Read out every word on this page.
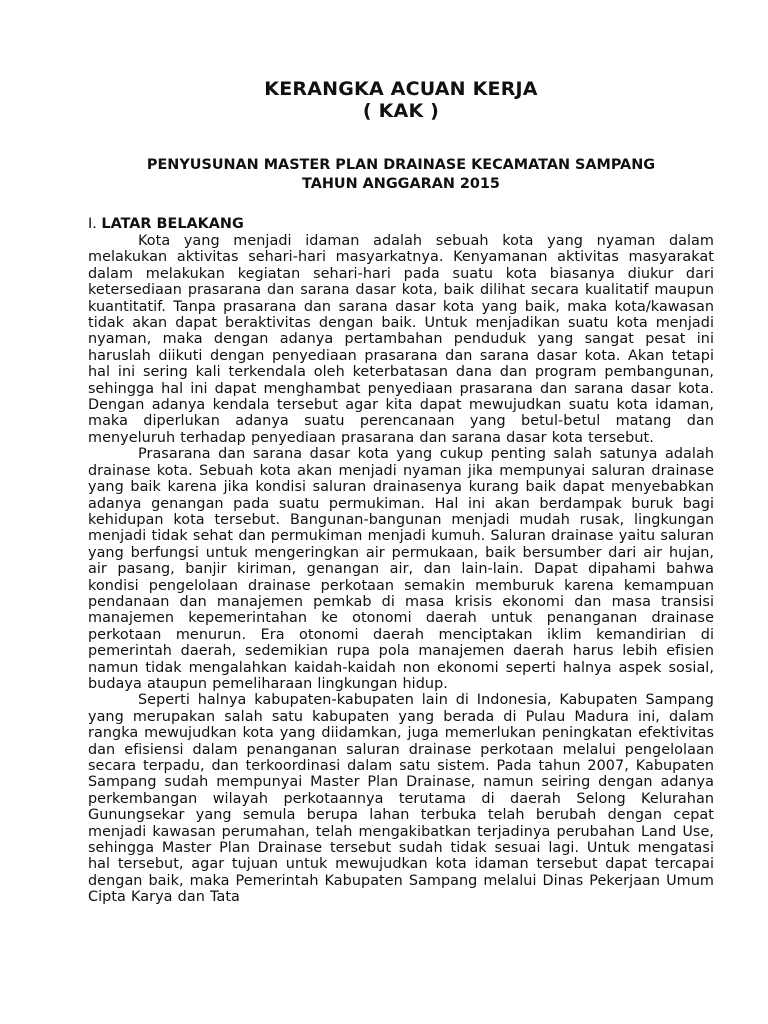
KERANGKA ACUAN KERJA

( KAK )

PENYUSUNAN MASTER PLAN DRAINASE KECAMATAN SAMPANG

TAHUN ANGGARAN 2015

I. LATAR BELAKANG

Kota yang menjadi idaman adalah sebuah kota yang nyaman dalam melakukan aktivitas sehari-hari masyarkatnya. Kenyamanan aktivitas masyarakat dalam melakukan kegiatan sehari-hari pada suatu kota biasanya diukur dari ketersediaan prasarana dan sarana dasar kota, baik dilihat secara kualitatif maupun kuantitatif. Tanpa prasarana dan sarana dasar kota yang baik, maka kota/kawasan tidak akan dapat beraktivitas dengan baik. Untuk menjadikan suatu kota menjadi nyaman, maka dengan adanya pertambahan penduduk yang sangat pesat ini haruslah diikuti dengan penyediaan prasarana dan sarana dasar kota. Akan tetapi hal ini sering kali terkendala oleh keterbatasan dana dan program pembangunan, sehingga hal ini dapat menghambat penyediaan prasarana dan sarana dasar kota. Dengan adanya kendala tersebut agar kita dapat mewujudkan suatu kota idaman, maka diperlukan adanya suatu perencanaan yang betul-betul matang dan menyeluruh terhadap penyediaan prasarana dan sarana dasar kota tersebut.

Prasarana dan sarana dasar kota yang cukup penting salah satunya adalah drainase kota. Sebuah kota akan menjadi nyaman jika mempunyai saluran drainase yang baik karena jika kondisi saluran drainasenya kurang baik dapat menyebabkan adanya genangan pada suatu permukiman. Hal ini akan berdampak buruk bagi kehidupan kota tersebut. Bangunan-bangunan menjadi mudah rusak, lingkungan menjadi tidak sehat dan permukiman menjadi kumuh. Saluran drainase yaitu saluran yang berfungsi untuk mengeringkan air permukaan, baik bersumber dari air hujan, air pasang, banjir kiriman, genangan air, dan lain-lain. Dapat dipahami bahwa kondisi pengelolaan drainase perkotaan semakin memburuk karena kemampuan pendanaan dan manajemen pemkab di masa krisis ekonomi dan masa transisi manajemen kepemerintahan ke otonomi daerah untuk penanganan drainase perkotaan menurun. Era otonomi daerah menciptakan iklim kemandirian di pemerintah daerah, sedemikian rupa pola manajemen daerah harus lebih efisien namun tidak mengalahkan kaidah-kaidah non ekonomi seperti halnya aspek sosial, budaya ataupun pemeliharaan lingkungan hidup.

Seperti halnya kabupaten-kabupaten lain di Indonesia, Kabupaten Sampang yang merupakan salah satu kabupaten yang berada di Pulau Madura ini, dalam rangka mewujudkan kota yang diidamkan, juga memerlukan peningkatan efektivitas dan efisiensi dalam penanganan saluran drainase perkotaan melalui pengelolaan secara terpadu, dan terkoordinasi dalam satu sistem. Pada tahun 2007, Kabupaten Sampang sudah mempunyai Master Plan Drainase, namun seiring dengan adanya perkembangan wilayah perkotaannya terutama di daerah Selong Kelurahan Gunungsekar yang semula berupa lahan terbuka telah berubah dengan cepat menjadi kawasan perumahan, telah mengakibatkan terjadinya perubahan Land Use, sehingga Master Plan Drainase tersebut sudah tidak sesuai lagi. Untuk mengatasi hal tersebut, agar tujuan untuk mewujudkan kota idaman tersebut dapat tercapai dengan baik, maka Pemerintah Kabupaten Sampang melalui Dinas Pekerjaan Umum Cipta Karya dan Tata
